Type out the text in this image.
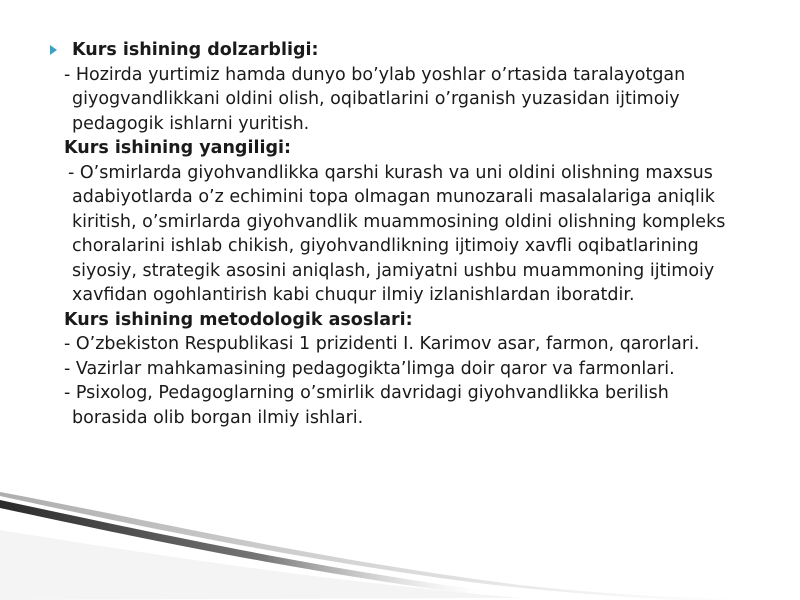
Kurs ishining dolzarbligi:
- Hozirda yurtimiz hamda dunyo bo’ylab yoshlar o’rtasida taralayotgan giyogvandlikkani oldini olish, oqibatlarini o’rganish yuzasidan ijtimoiy pedagogik ishlarni yuritish.
Kurs ishining yangiligi:
- O’smirlarda giyohvandlikka qarshi kurash va uni oldini olishning maxsus adabiyotlarda o’z echimini topa olmagan munozarali masalalariga aniqlik kiritish, o’smirlarda giyohvandlik muammosining oldini olishning kompleks choralarini ishlab chikish, giyohvandlikning ijtimoiy xavfli oqibatlarining siyosiy, strategik asosini aniqlash, jamiyatni ushbu muammoning ijtimoiy xavfidan ogohlantirish kabi chuqur ilmiy izlanishlardan iboratdir.
Kurs ishining metodologik asoslari:
- O’zbekiston Respublikasi 1 prizidenti I. Karimov asar, farmon, qarorlari.
- Vazirlar mahkamasining pedagogikta’limga doir qaror va farmonlari.
- Psixolog, Pedagoglarning o’smirlik davridagi giyohvandlikka berilish borasida olib borgan ilmiy ishlari.
